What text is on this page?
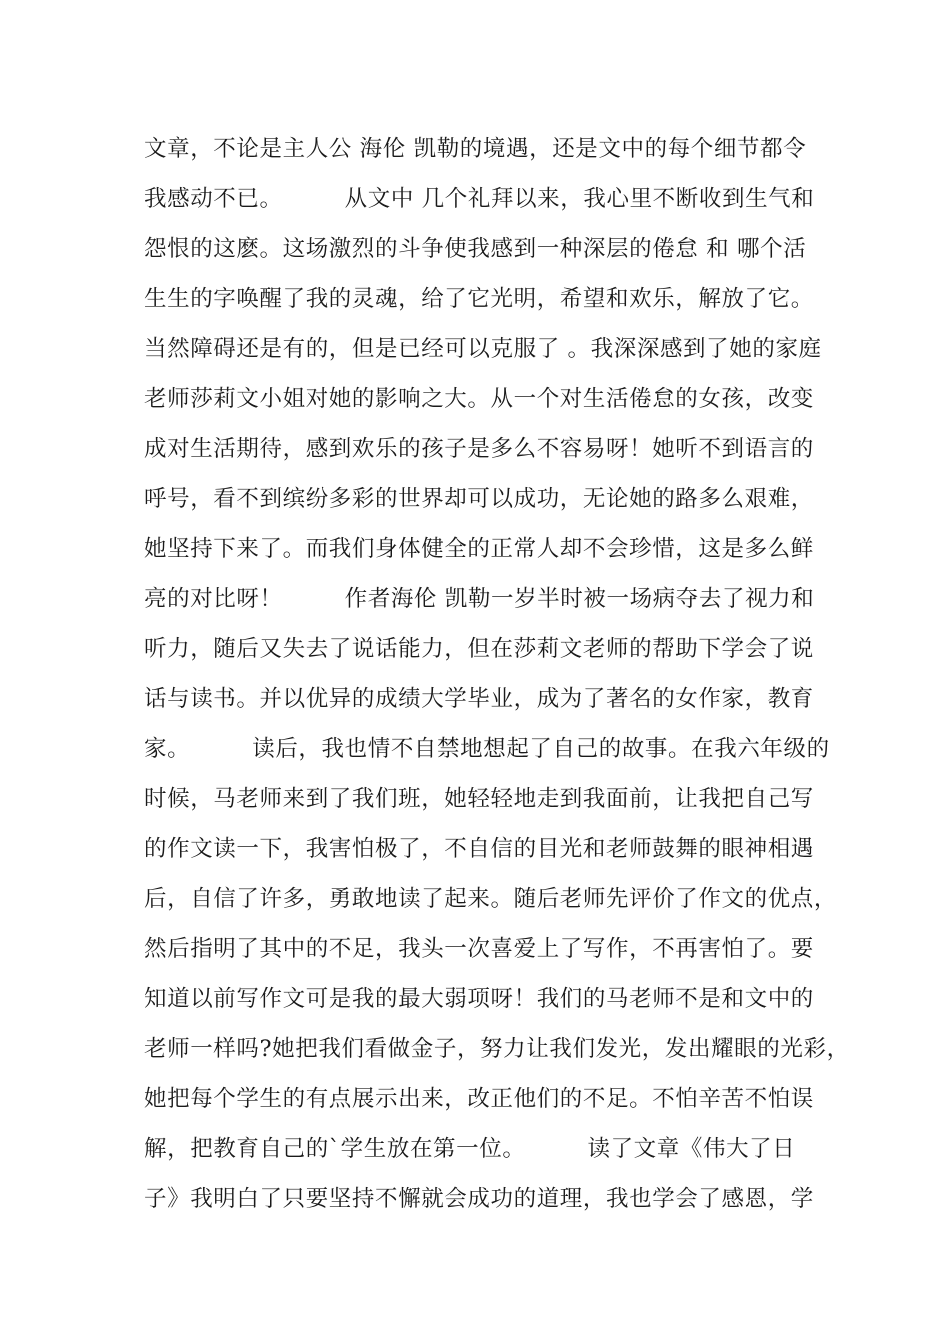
文章，不论是主人公 海伦 凯勒的境遇，还是文中的每个细节都令
我感动不已。        从文中 几个礼拜以来，我心里不断收到生气和
怨恨的这麽。这场激烈的斗争使我感到一种深层的倦怠 和 哪个活
生生的字唤醒了我的灵魂，给了它光明，希望和欢乐，解放了它。
当然障碍还是有的，但是已经可以克服了 。我深深感到了她的家庭
老师莎莉文小姐对她的影响之大。从一个对生活倦怠的女孩，改变
成对生活期待，感到欢乐的孩子是多么不容易呀！她听不到语言的
呼号，看不到缤纷多彩的世界却可以成功，无论她的路多么艰难，
她坚持下来了。而我们身体健全的正常人却不会珍惜，这是多么鲜
亮的对比呀！        作者海伦 凯勒一岁半时被一场病夺去了视力和
听力，随后又失去了说话能力，但在莎莉文老师的帮助下学会了说
话与读书。并以优异的成绩大学毕业，成为了著名的女作家，教育
家。        读后，我也情不自禁地想起了自己的故事。在我六年级的
时候，马老师来到了我们班，她轻轻地走到我面前，让我把自己写
的作文读一下，我害怕极了，不自信的目光和老师鼓舞的眼神相遇
后，自信了许多，勇敢地读了起来。随后老师先评价了作文的优点，
然后指明了其中的不足，我头一次喜爱上了写作，不再害怕了。要
知道以前写作文可是我的最大弱项呀！我们的马老师不是和文中的
老师一样吗?她把我们看做金子，努力让我们发光，发出耀眼的光彩，
她把每个学生的有点展示出来，改正他们的不足。不怕辛苦不怕误
解，把教育自己的`学生放在第一位。        读了文章《伟大了日
子》我明白了只要坚持不懈就会成功的道理，我也学会了感恩，学
